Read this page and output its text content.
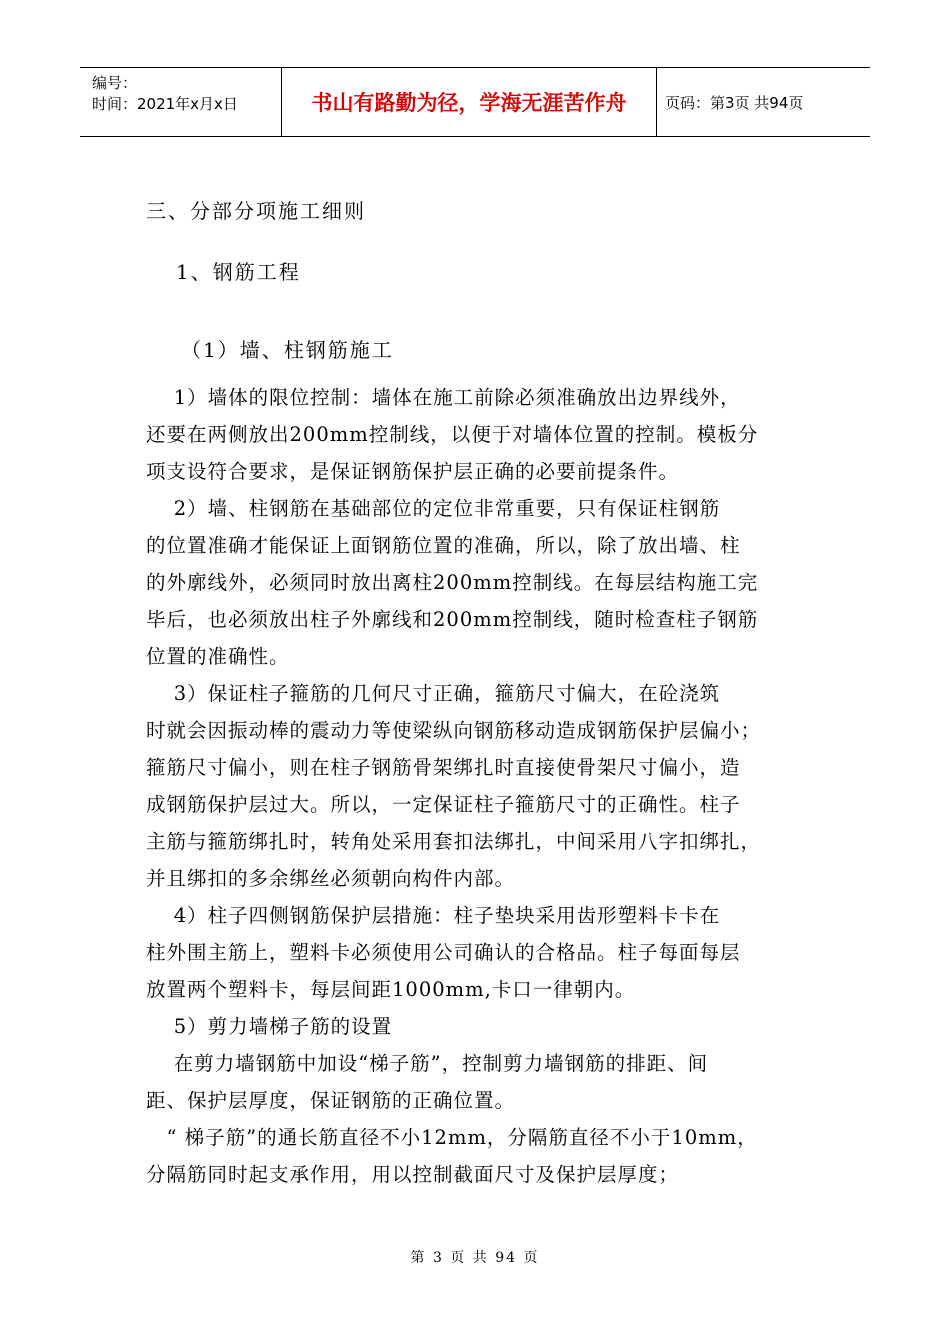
编号：
时间：2021年x月x日	书山有路勤为径，学海无涯苦作舟	页码：第3页 共94页
三、分部分项施工细则
1、钢筋工程
（1）墙、柱钢筋施工
　 1）墙体的限位控制：墙体在施工前除必须准确放出边界线外，
还要在两侧放出200mm控制线，以便于对墙体位置的控制。模板分
项支设符合要求，是保证钢筋保护层正确的必要前提条件。
　 2）墙、柱钢筋在基础部位的定位非常重要，只有保证柱钢筋
的位置准确才能保证上面钢筋位置的准确，所以，除了放出墙、柱
的外廓线外，必须同时放出离柱200mm控制线。在每层结构施工完
毕后，也必须放出柱子外廓线和200mm控制线，随时检查柱子钢筋
位置的准确性。
　 3）保证柱子箍筋的几何尺寸正确，箍筋尺寸偏大，在砼浇筑
时就会因振动棒的震动力等使梁纵向钢筋移动造成钢筋保护层偏小；
箍筋尺寸偏小，则在柱子钢筋骨架绑扎时直接使骨架尺寸偏小，造
成钢筋保护层过大。所以，一定保证柱子箍筋尺寸的正确性。柱子
主筋与箍筋绑扎时，转角处采用套扣法绑扎，中间采用八字扣绑扎，
并且绑扣的多余绑丝必须朝向构件内部。
　 4）柱子四侧钢筋保护层措施：柱子垫块采用齿形塑料卡卡在
柱外围主筋上，塑料卡必须使用公司确认的合格品。柱子每面每层
放置两个塑料卡，每层间距1000mm,卡口一律朝内。
　 5）剪力墙梯子筋的设置
　 在剪力墙钢筋中加设“梯子筋”，控制剪力墙钢筋的排距、间
距、保护层厚度，保证钢筋的正确位置。
　“ 梯子筋”的通长筋直径不小12mm，分隔筋直径不小于10mm，
分隔筋同时起支承作用，用以控制截面尺寸及保护层厚度；
第 3 页 共 94 页
